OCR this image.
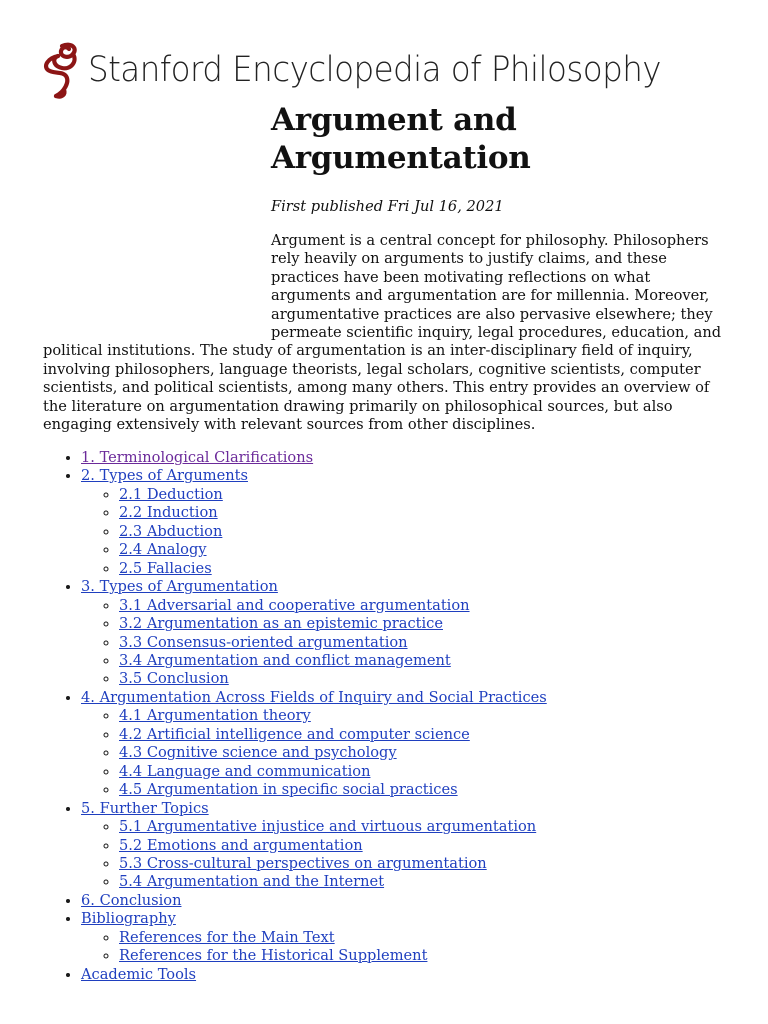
Stanford Encyclopedia of Philosophy
Argument and Argumentation
First published Fri Jul 16, 2021

Argument is a central concept for philosophy. Philosophers rely heavily on arguments to justify claims, and these practices have been motivating reflections on what arguments and argumentation are for millennia. Moreover, argumentative practices are also pervasive elsewhere; they permeate scientific inquiry, legal procedures, education, and political institutions. The study of argumentation is an inter-disciplinary field of inquiry, involving philosophers, language theorists, legal scholars, cognitive scientists, computer scientists, and political scientists, among many others. This entry provides an overview of the literature on argumentation drawing primarily on philosophical sources, but also engaging extensively with relevant sources from other disciplines.

• 1. Terminological Clarifications
• 2. Types of Arguments
◦ 2.1 Deduction
◦ 2.2 Induction
◦ 2.3 Abduction
◦ 2.4 Analogy
◦ 2.5 Fallacies
• 3. Types of Argumentation
◦ 3.1 Adversarial and cooperative argumentation
◦ 3.2 Argumentation as an epistemic practice
◦ 3.3 Consensus-oriented argumentation
◦ 3.4 Argumentation and conflict management
◦ 3.5 Conclusion
• 4. Argumentation Across Fields of Inquiry and Social Practices
◦ 4.1 Argumentation theory
◦ 4.2 Artificial intelligence and computer science
◦ 4.3 Cognitive science and psychology
◦ 4.4 Language and communication
◦ 4.5 Argumentation in specific social practices
• 5. Further Topics
◦ 5.1 Argumentative injustice and virtuous argumentation
◦ 5.2 Emotions and argumentation
◦ 5.3 Cross-cultural perspectives on argumentation
◦ 5.4 Argumentation and the Internet
• 6. Conclusion
• Bibliography
◦ References for the Main Text
◦ References for the Historical Supplement
• Academic Tools
